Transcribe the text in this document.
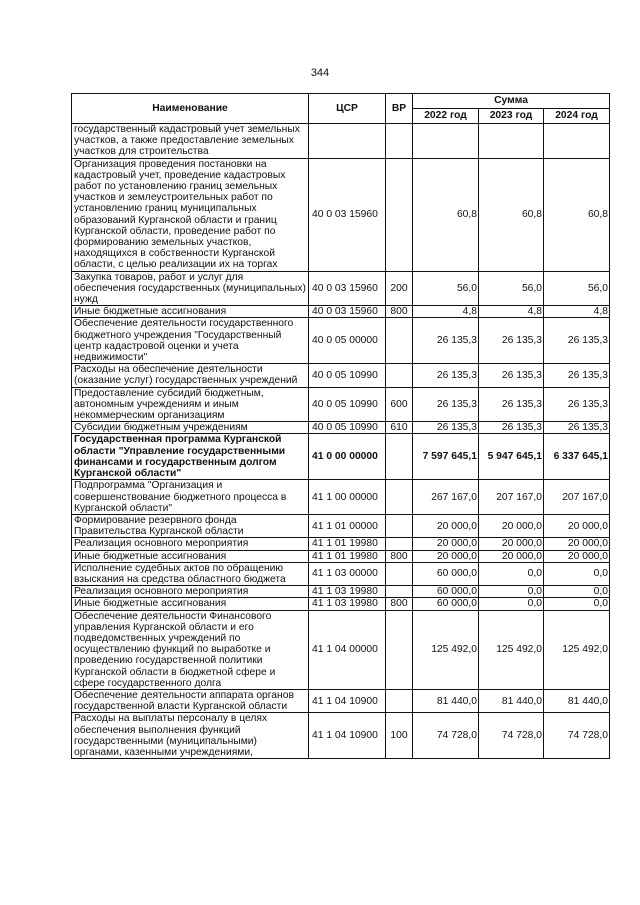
344
Наименование	ЦСР	ВР	Сумма		
			2022 год	2023 год	2024 год
государственный кадастровый учет земельных участков, а также предоставление земельных участков для строительства					
Организация проведения постановки на кадастровый учет, проведение кадастровых работ по установлению границ земельных участков и землеустроительных работ по установлению границ муниципальных образований Курганской области и границ Курганской области, проведение работ по формированию земельных участков, находящихся в собственности Курганской области, с целью реализации их на торгах	40 0 03 15960		60,8	60,8	60,8
Закупка товаров, работ и услуг для обеспечения государственных (муниципальных) нужд	40 0 03 15960	200	56,0	56,0	56,0
Иные бюджетные ассигнования	40 0 03 15960	800	4,8	4,8	4,8
Обеспечение деятельности государственного бюджетного учреждения "Государственный центр кадастровой оценки и учета недвижимости"	40 0 05 00000		26 135,3	26 135,3	26 135,3
Расходы на обеспечение деятельности (оказание услуг) государственных учреждений	40 0 05 10990		26 135,3	26 135,3	26 135,3
Предоставление субсидий бюджетным, автономным учреждениям и иным некоммерческим организациям	40 0 05 10990	600	26 135,3	26 135,3	26 135,3
Субсидии бюджетным учреждениям	40 0 05 10990	610	26 135,3	26 135,3	26 135,3
Государственная программа Курганской области "Управление государственными финансами и государственным долгом Курганской области"	41 0 00 00000		7 597 645,1	5 947 645,1	6 337 645,1
Подпрограмма "Организация и совершенствование бюджетного процесса в Курганской области"	41 1 00 00000		267 167,0	207 167,0	207 167,0
Формирование резервного фонда Правительства Курганской области	41 1 01 00000		20 000,0	20 000,0	20 000,0
Реализация основного мероприятия	41 1 01 19980		20 000,0	20 000,0	20 000,0
Иные бюджетные ассигнования	41 1 01 19980	800	20 000,0	20 000,0	20 000,0
Исполнение судебных актов по обращению взыскания на средства областного бюджета	41 1 03 00000		60 000,0	0,0	0,0
Реализация основного мероприятия	41 1 03 19980		60 000,0	0,0	0,0
Иные бюджетные ассигнования	41 1 03 19980	800	60 000,0	0,0	0,0
Обеспечение деятельности Финансового управления Курганской области и его подведомственных учреждений по осуществлению функций по выработке и проведению государственной политики Курганской области в бюджетной сфере и сфере государственного долга	41 1 04 00000		125 492,0	125 492,0	125 492,0
Обеспечение деятельности аппарата органов государственной власти Курганской области	41 1 04 10900		81 440,0	81 440,0	81 440,0
Расходы на выплаты персоналу в целях обеспечения выполнения функций государственными (муниципальными) органами, казенными учреждениями,	41 1 04 10900	100	74 728,0	74 728,0	74 728,0
